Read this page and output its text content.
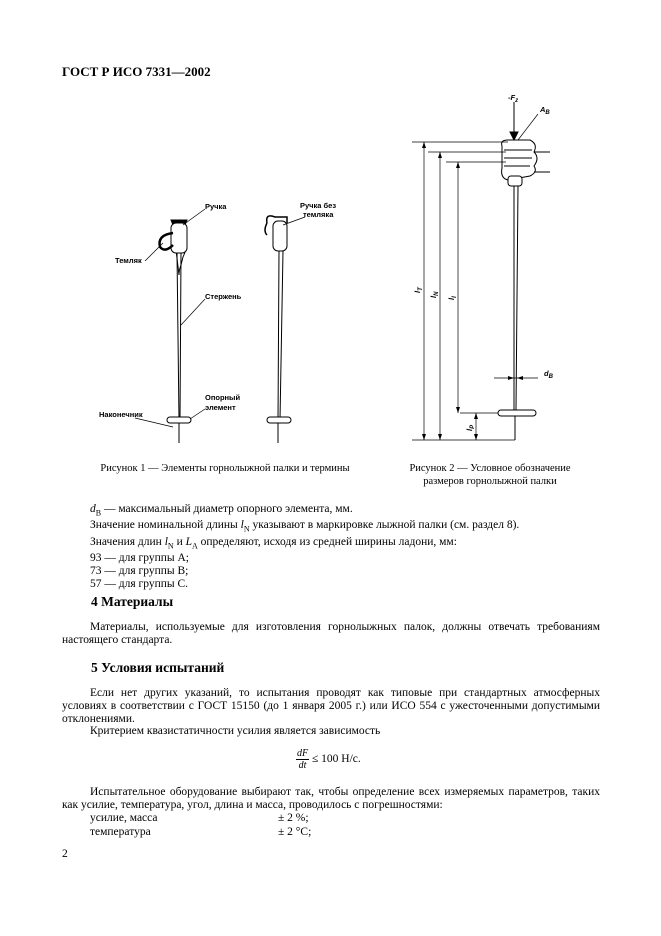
ГОСТ Р ИСО 7331—2002
Ручка
Темляк
Стержень
Опорный
элемент
Наконечник
Ручка без
темляка
Рисунок 1 — Элементы горнолыжной палки и термины
$-F_z$
$A_B$
$l_T$
$l_N$
$l_I$
$l_P$
$d_B$
Рисунок 2 — Условное обозначение
размеров горнолыжной палки

$d_B$ — максимальный диаметр опорного элемента, мм.

Значение номинальной длины $l_N$ указывают в маркировке лыжной палки (см. раздел 8).

Значения длин $l_N$ и $L_A$ определяют, исходя из средней ширины ладони, мм:

93 — для группы А;

73 — для группы В;

57 — для группы С.

4 Материалы

Материалы, используемые для изготовления горнолыжных палок, должны отвечать требованиям настоящего стандарта.

5 Условия испытаний

Если нет других указаний, то испытания проводят как типовые при стандартных атмосферных условиях в соответствии с ГОСТ 15150 (до 1 января 2005 г.) или ИСО 554 с ужесточенными допустимыми отклонениями.

Критерием квазистатичности усилия является зависимость

$\frac{dF}{dt} \le 100$ Н/с.

Испытательное оборудование выбирают так, чтобы определение всех измеряемых параметров, таких как усилие, температура, угол, длина и масса, проводилось с погрешностями:

усилие, масса	± 2 %;
температура	± 2 °С;
2
